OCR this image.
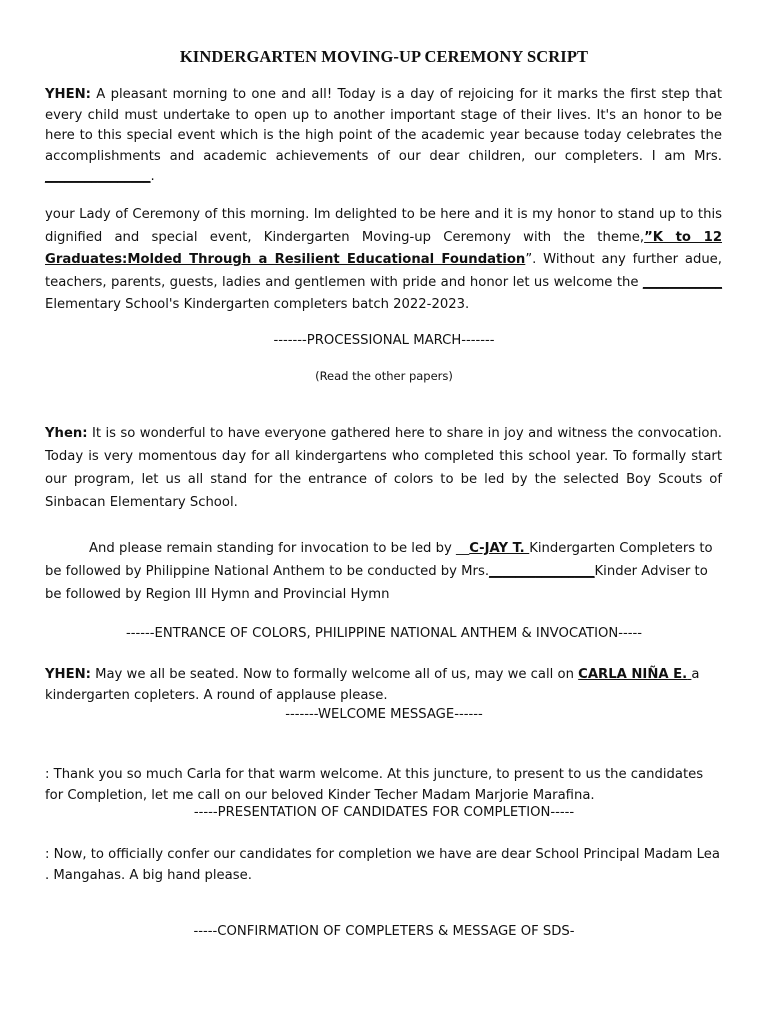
KINDERGARTEN MOVING-UP CEREMONY SCRIPT
YHEN: A pleasant morning to one and all! Today is a day of rejoicing for it marks the first step that every child must undertake to open up to another important stage of their lives. It's an honor to be here to this special event which is the high point of the academic year because today celebrates the accomplishments and academic achievements of our dear children, our completers. I am Mrs. ________________.
your Lady of Ceremony of this morning. Im delighted to be here and it is my honor to stand up to this dignified and special event, Kindergarten Moving-up Ceremony with the theme,”K to 12 Graduates:Molded Through a Resilient Educational Foundation”. Without any further adue, teachers, parents, guests, ladies and gentlemen with pride and honor let us welcome the ____________ Elementary School's Kindergarten completers batch 2022-2023.
-------PROCESSIONAL MARCH-------
(Read the other papers)
Yhen: It is so wonderful to have everyone gathered here to share in joy and witness the convocation. Today is very momentous day for all kindergartens who completed this school year. To formally start our program, let us all stand for the entrance of colors to be led by the selected Boy Scouts of Sinbacan Elementary School.
And please remain standing for invocation to be led by __C-JAY T. Kindergarten Completers to be followed by Philippine National Anthem to be conducted by Mrs.________________Kinder Adviser to be followed by Region III Hymn and Provincial Hymn
------ENTRANCE OF COLORS, PHILIPPINE NATIONAL ANTHEM & INVOCATION-----
YHEN: May we all be seated. Now to formally welcome all of us, may we call on CARLA NIÑA E. a kindergarten copleters. A round of applause please.
-------WELCOME MESSAGE------
: Thank you so much Carla for that warm welcome. At this juncture, to present to us the candidates for Completion, let me call on our beloved Kinder Techer Madam Marjorie Marafina.
-----PRESENTATION OF CANDIDATES FOR COMPLETION-----
: Now, to officially confer our candidates for completion we have are dear School Principal Madam Lea . Mangahas. A big hand please.
-----CONFIRMATION OF COMPLETERS & MESSAGE OF SDS-
